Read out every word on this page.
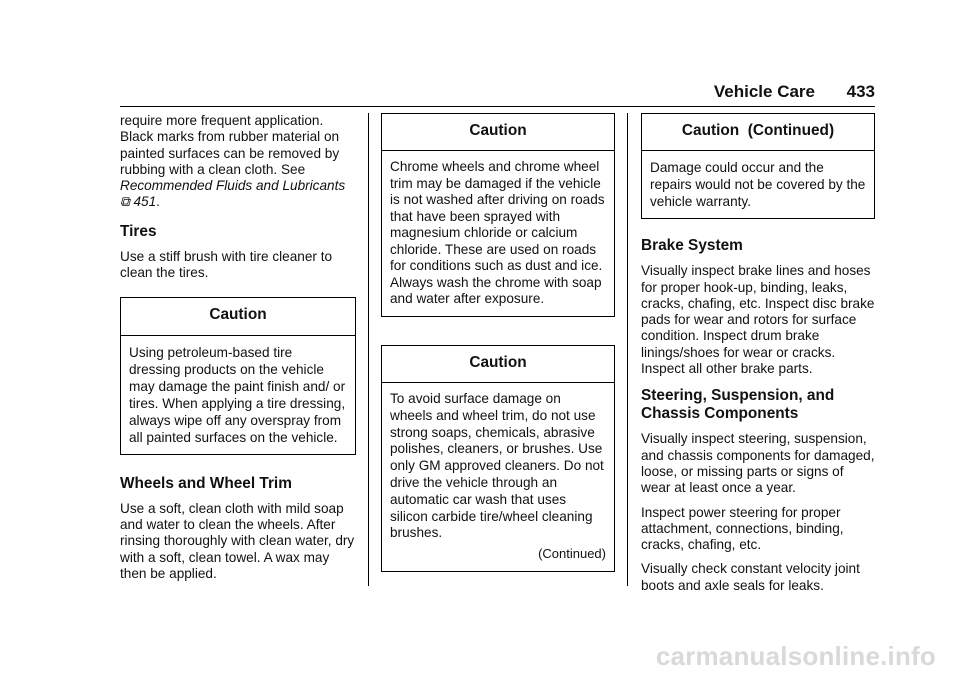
Vehicle Care 433

require more frequent application. Black marks from rubber material on painted surfaces can be removed by rubbing with a clean cloth. See Recommended Fluids and Lubricants ⧉ 451.

Tires

Use a stiff brush with tire cleaner to clean the tires.

Caution

Using petroleum-based tire dressing products on the vehicle may damage the paint finish and/ or tires. When applying a tire dressing, always wipe off any overspray from all painted surfaces on the vehicle.

Wheels and Wheel Trim

Use a soft, clean cloth with mild soap and water to clean the wheels. After rinsing thoroughly with clean water, dry with a soft, clean towel. A wax may then be applied.

Caution

Chrome wheels and chrome wheel trim may be damaged if the vehicle is not washed after driving on roads that have been sprayed with magnesium chloride or calcium chloride. These are used on roads for conditions such as dust and ice. Always wash the chrome with soap and water after exposure.

Caution

To avoid surface damage on wheels and wheel trim, do not use strong soaps, chemicals, abrasive polishes, cleaners, or brushes. Use only GM approved cleaners. Do not drive the vehicle through an automatic car wash that uses silicon carbide tire/wheel cleaning brushes.

(Continued)
Caution  (Continued)

Damage could occur and the repairs would not be covered by the vehicle warranty.

Brake System

Visually inspect brake lines and hoses for proper hook-up, binding, leaks, cracks, chafing, etc. Inspect disc brake pads for wear and rotors for surface condition. Inspect drum brake linings/shoes for wear or cracks. Inspect all other brake parts.

Steering, Suspension, and Chassis Components

Visually inspect steering, suspension, and chassis components for damaged, loose, or missing parts or signs of wear at least once a year.

Inspect power steering for proper attachment, connections, binding, cracks, chafing, etc.

Visually check constant velocity joint boots and axle seals for leaks.

carmanualsonline.info
